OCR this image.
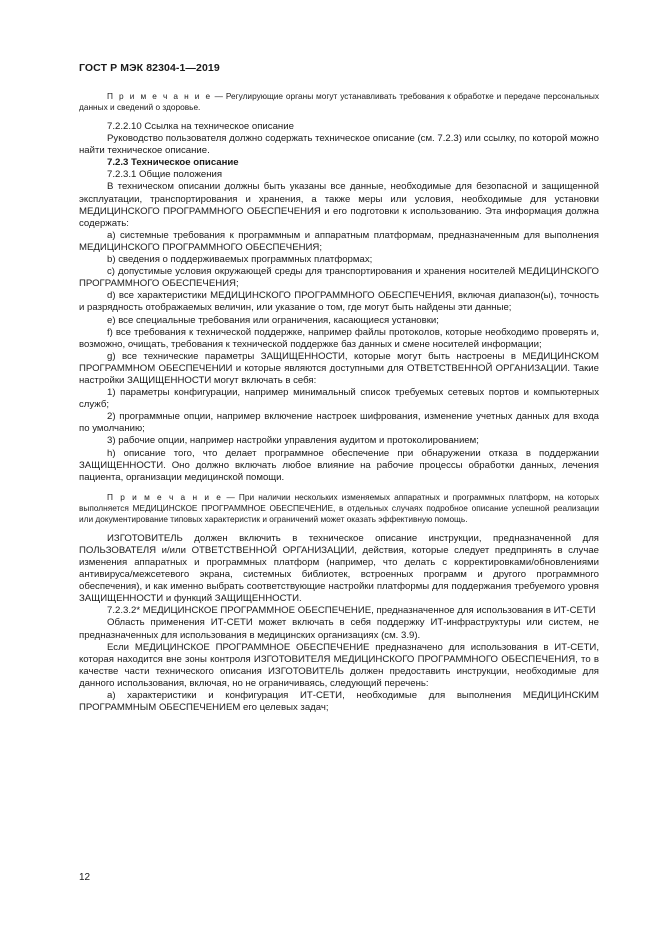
ГОСТ Р МЭК 82304-1—2019

П р и м е ч а н и е — Регулирующие органы могут устанавливать требования к обработке и передаче персональных данных и сведений о здоровье.

7.2.2.10 Ссылка на техническое описание

Руководство пользователя должно содержать техническое описание (см. 7.2.3) или ссылку, по которой можно найти техническое описание.

7.2.3 Техническое описание

7.2.3.1 Общие положения

В техническом описании должны быть указаны все данные, необходимые для безопасной и защищенной эксплуатации, транспортирования и хранения, а также меры или условия, необходимые для установки МЕДИЦИНСКОГО ПРОГРАММНОГО ОБЕСПЕЧЕНИЯ и его подготовки к использованию. Эта информация должна содержать:

а) системные требования к программным и аппаратным платформам, предназначенным для выполнения МЕДИЦИНСКОГО ПРОГРАММНОГО ОБЕСПЕЧЕНИЯ;

b) сведения о поддерживаемых программных платформах;

с) допустимые условия окружающей среды для транспортирования и хранения носителей МЕДИЦИНСКОГО ПРОГРАММНОГО ОБЕСПЕЧЕНИЯ;

d) все характеристики МЕДИЦИНСКОГО ПРОГРАММНОГО ОБЕСПЕЧЕНИЯ, включая диапазон(ы), точность и разрядность отображаемых величин, или указание о том, где могут быть найдены эти данные;

е) все специальные требования или ограничения, касающиеся установки;

f) все требования к технической поддержке, например файлы протоколов, которые необходимо проверять и, возможно, очищать, требования к технической поддержке баз данных и смене носителей информации;

g) все технические параметры ЗАЩИЩЕННОСТИ, которые могут быть настроены в МЕДИЦИНСКОМ ПРОГРАММНОМ ОБЕСПЕЧЕНИИ и которые являются доступными для ОТВЕТСТВЕННОЙ ОРГАНИЗАЦИИ. Такие настройки ЗАЩИЩЕННОСТИ могут включать в себя:

1) параметры конфигурации, например минимальный список требуемых сетевых портов и компьютерных служб;

2) программные опции, например включение настроек шифрования, изменение учетных данных для входа по умолчанию;

3) рабочие опции, например настройки управления аудитом и протоколированием;

h) описание того, что делает программное обеспечение при обнаружении отказа в поддержании ЗАЩИЩЕННОСТИ. Оно должно включать любое влияние на рабочие процессы обработки данных, лечения пациента, организации медицинской помощи.

П р и м е ч а н и е — При наличии нескольких изменяемых аппаратных и программных платформ, на которых выполняется МЕДИЦИНСКОЕ ПРОГРАММНОЕ ОБЕСПЕЧЕНИЕ, в отдельных случаях подробное описание успешной реализации или документирование типовых характеристик и ограничений может оказать эффективную помощь.

ИЗГОТОВИТЕЛЬ должен включить в техническое описание инструкции, предназначенной для ПОЛЬЗОВАТЕЛЯ и/или ОТВЕТСТВЕННОЙ ОРГАНИЗАЦИИ, действия, которые следует предпринять в случае изменения аппаратных и программных платформ (например, что делать с корректировками/обновлениями антивируса/межсетевого экрана, системных библиотек, встроенных программ и другого программного обеспечения), и как именно выбрать соответствующие настройки платформы для поддержания требуемого уровня ЗАЩИЩЕННОСТИ и функций ЗАЩИЩЕННОСТИ.

7.2.3.2* МЕДИЦИНСКОЕ ПРОГРАММНОЕ ОБЕСПЕЧЕНИЕ, предназначенное для использования в ИТ-СЕТИ

Область применения ИТ-СЕТИ может включать в себя поддержку ИТ-инфраструктуры или систем, не предназначенных для использования в медицинских организациях (см. 3.9).

Если МЕДИЦИНСКОЕ ПРОГРАММНОЕ ОБЕСПЕЧЕНИЕ предназначено для использования в ИТ-СЕТИ, которая находится вне зоны контроля ИЗГОТОВИТЕЛЯ МЕДИЦИНСКОГО ПРОГРАММНОГО ОБЕСПЕЧЕНИЯ, то в качестве части технического описания ИЗГОТОВИТЕЛЬ должен предоставить инструкции, необходимые для данного использования, включая, но не ограничиваясь, следующий перечень:

а) характеристики и конфигурация ИТ-СЕТИ, необходимые для выполнения МЕДИЦИНСКИМ ПРОГРАММНЫМ ОБЕСПЕЧЕНИЕМ его целевых задач;

12
